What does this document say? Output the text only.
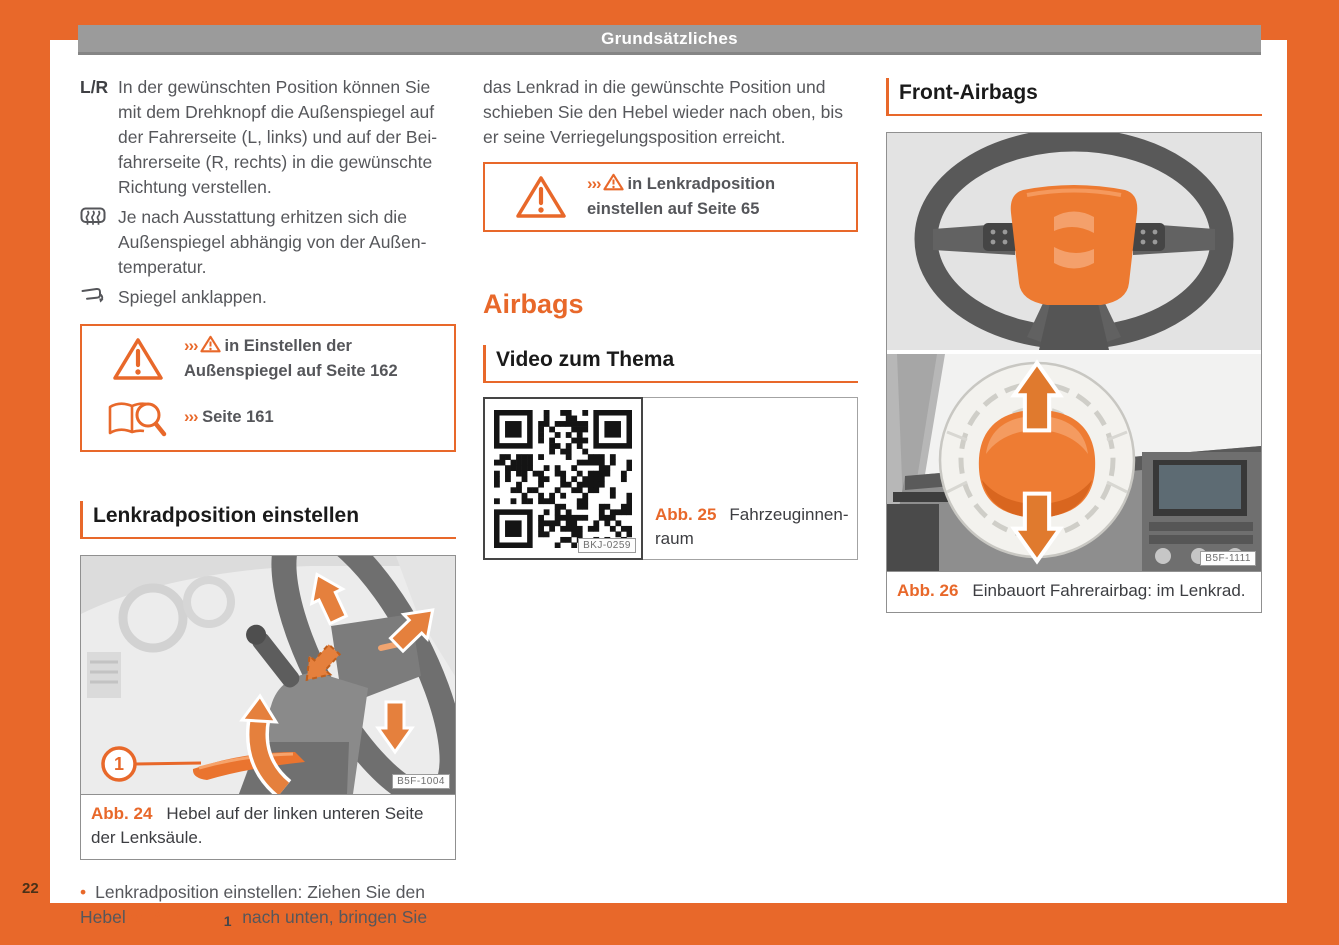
Grundsätzliches
22
L/R In der gewünschten Position können Sie mit dem Drehknopf die Außenspiegel auf der Fahrerseite (L, links) und auf der Beifahrerseite (R, rechts) in die gewünschte Richtung verstellen.
Je nach Ausstattung erhitzen sich die Außenspiegel abhängig von der Außentemperatur.
Spiegel anklappen.
››› in Einstellen der Außenspiegel auf Seite 162
››› Seite 161
Lenkradposition einstellen
1
B5F-1004
Abb. 24 Hebel auf der linken unteren Seite der Lenksäule.

• Lenkradposition einstellen: Ziehen Sie den Hebel ››› Abb. 24 1 nach unten, bringen Sie

das Lenkrad in die gewünschte Position und schieben Sie den Hebel wieder nach oben, bis er seine Verriegelungsposition erreicht.

››› in Lenkradposition einstellen auf Seite 65
Airbags
Video zum Thema
BKJ-0259
Abb. 25 Fahrzeuginnenraum
Front-Airbags
B5F-1111
Abb. 26 Einbauort Fahrerairbag: im Lenkrad.
